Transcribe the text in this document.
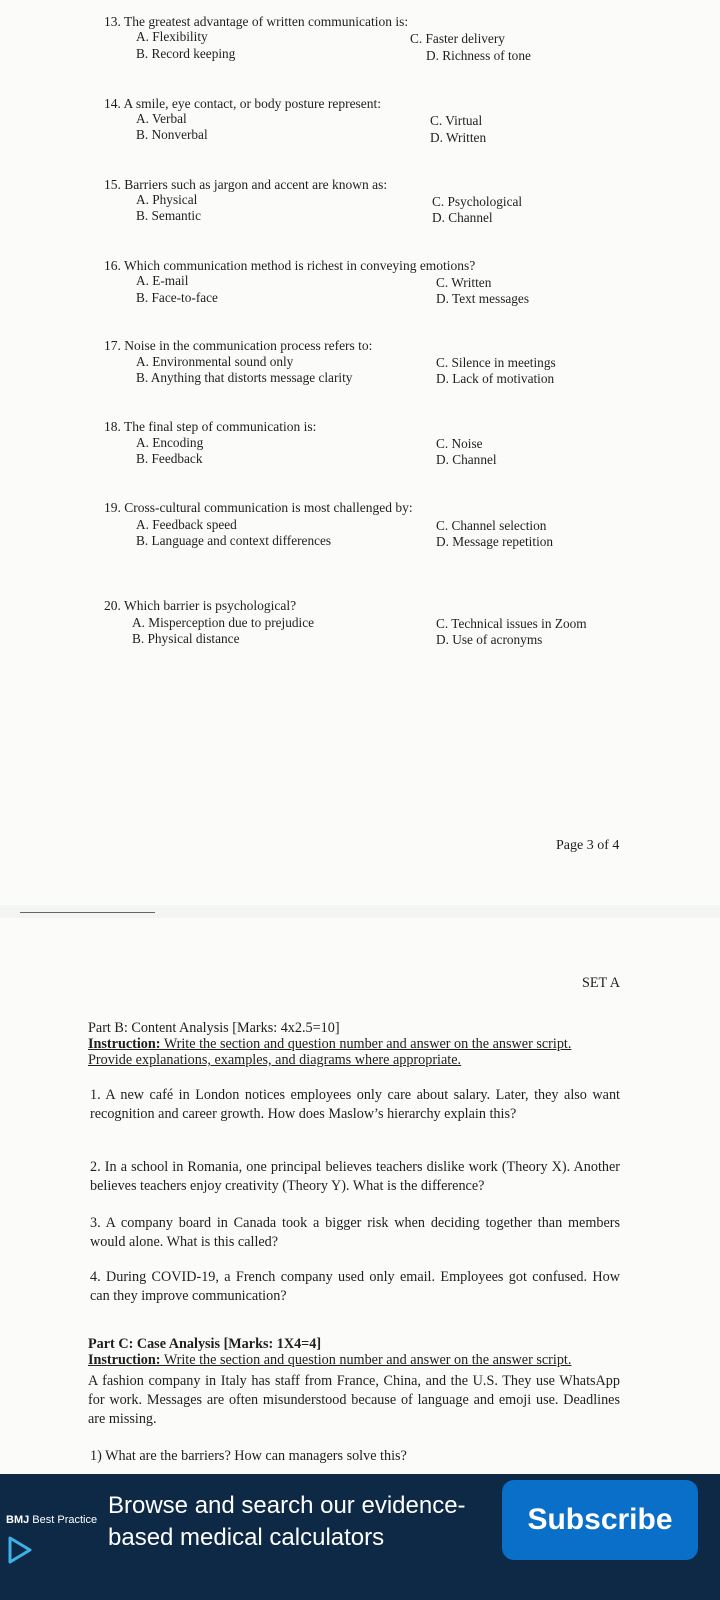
13. The greatest advantage of written communication is:
A. Flexibility
B. Record keeping
C. Faster delivery
D. Richness of tone
14. A smile, eye contact, or body posture represent:
A. Verbal
B. Nonverbal
C. Virtual
D. Written
15. Barriers such as jargon and accent are known as:
A. Physical
B. Semantic
C. Psychological
D. Channel
16. Which communication method is richest in conveying emotions?
A. E-mail
B. Face-to-face
C. Written
D. Text messages
17. Noise in the communication process refers to:
A. Environmental sound only
B. Anything that distorts message clarity
C. Silence in meetings
D. Lack of motivation
18. The final step of communication is:
A. Encoding
B. Feedback
C. Noise
D. Channel
19. Cross-cultural communication is most challenged by:
A. Feedback speed
B. Language and context differences
C. Channel selection
D. Message repetition
20. Which barrier is psychological?
A. Misperception due to prejudice
B. Physical distance
C. Technical issues in Zoom
D. Use of acronyms
Page 3 of 4
SET A
Part B: Content Analysis [Marks: 4x2.5=10]
Instruction: Write the section and question number and answer on the answer script.
Provide explanations, examples, and diagrams where appropriate.
1. A new café in London notices employees only care about salary. Later, they also want recognition and career growth. How does Maslow’s hierarchy explain this?
2. In a school in Romania, one principal believes teachers dislike work (Theory X). Another believes teachers enjoy creativity (Theory Y). What is the difference?
3. A company board in Canada took a bigger risk when deciding together than members would alone. What is this called?
4. During COVID-19, a French company used only email. Employees got confused. How can they improve communication?
Part C: Case Analysis [Marks: 1X4=4]
Instruction: Write the section and question number and answer on the answer script.
A fashion company in Italy has staff from France, China, and the U.S. They use WhatsApp for work. Messages are often misunderstood because of language and emoji use. Deadlines are missing.
1) What are the barriers? How can managers solve this?
BMJ Best Practice
Browse and search our evidence-based medical calculators
Subscribe
